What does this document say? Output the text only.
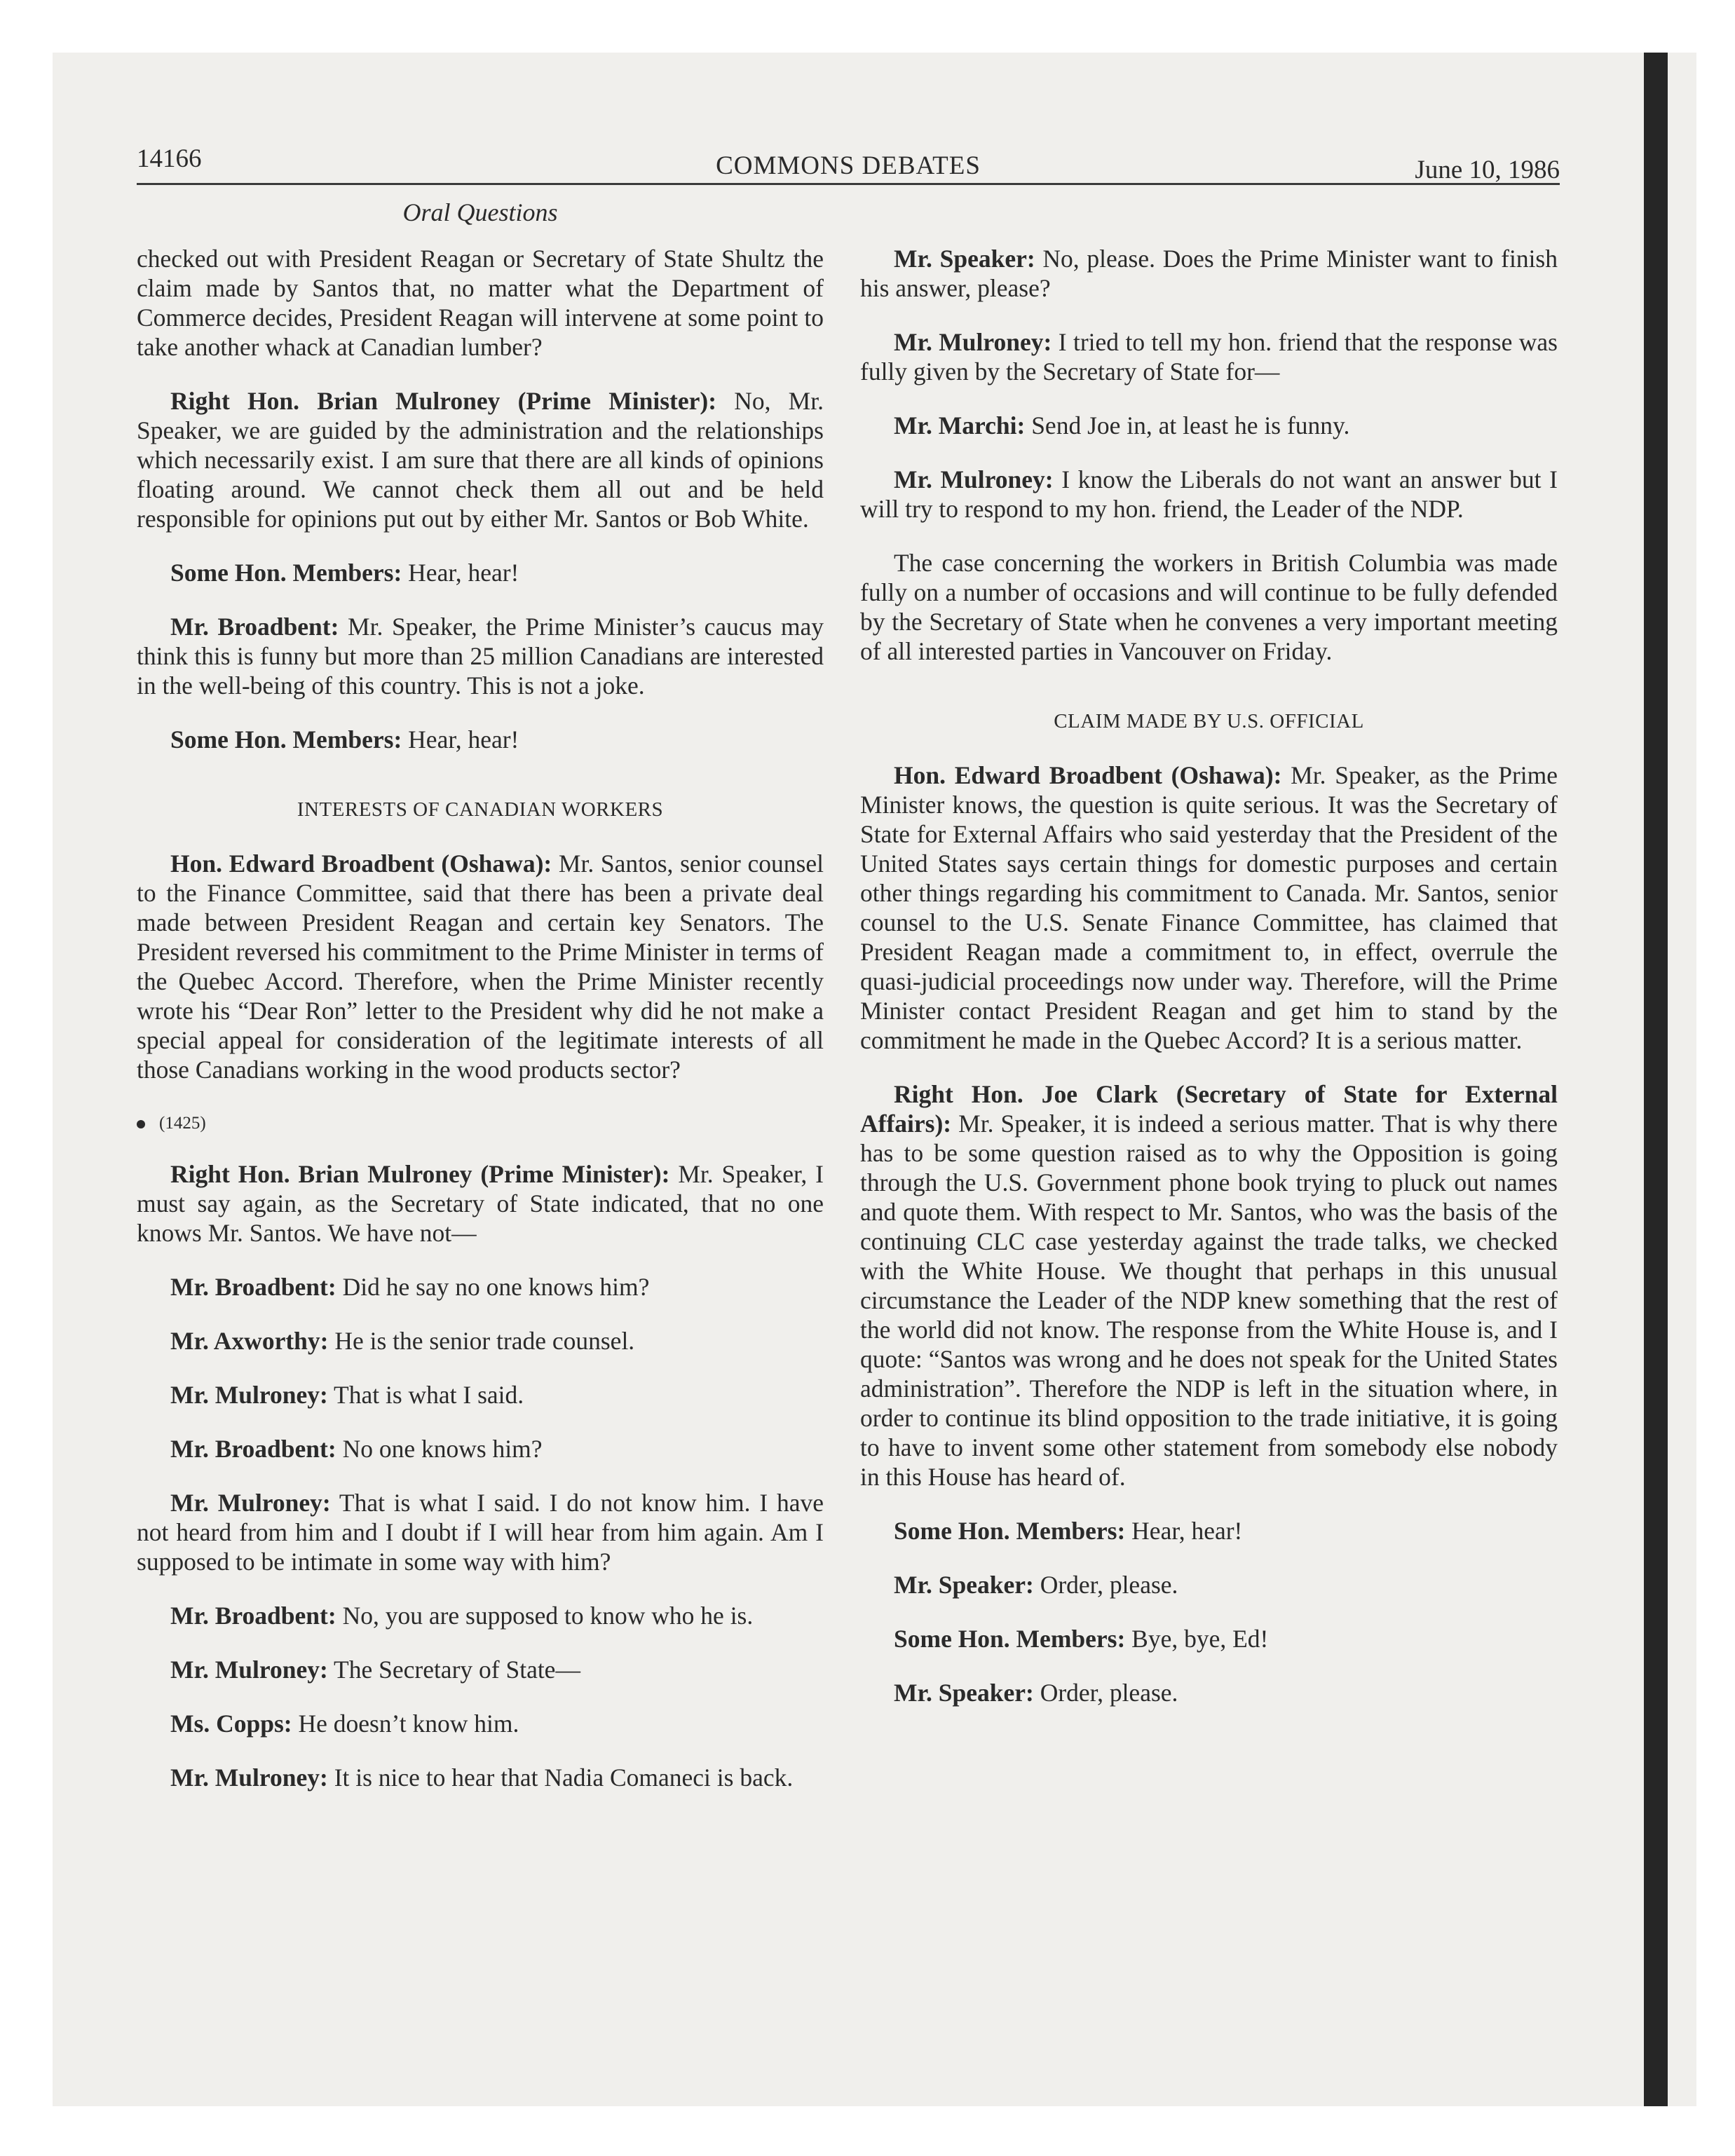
14166	COMMONS DEBATES	June 10, 1986
Oral Questions

checked out with President Reagan or Secretary of State Shultz the claim made by Santos that, no matter what the Department of Commerce decides, President Reagan will intervene at some point to take another whack at Canadian lumber?

Right Hon. Brian Mulroney (Prime Minister): No, Mr. Speaker, we are guided by the administration and the relationships which necessarily exist. I am sure that there are all kinds of opinions floating around. We cannot check them all out and be held responsible for opinions put out by either Mr. Santos or Bob White.

Some Hon. Members: Hear, hear!

Mr. Broadbent: Mr. Speaker, the Prime Minister’s caucus may think this is funny but more than 25 million Canadians are interested in the well-being of this country. This is not a joke.

Some Hon. Members: Hear, hear!

INTERESTS OF CANADIAN WORKERS

Hon. Edward Broadbent (Oshawa): Mr. Santos, senior counsel to the Finance Committee, said that there has been a private deal made between President Reagan and certain key Senators. The President reversed his commitment to the Prime Minister in terms of the Quebec Accord. Therefore, when the Prime Minister recently wrote his “Dear Ron” letter to the President why did he not make a special appeal for consideration of the legitimate interests of all those Canadians working in the wood products sector?

(1425)

Right Hon. Brian Mulroney (Prime Minister): Mr. Speaker, I must say again, as the Secretary of State indicated, that no one knows Mr. Santos. We have not—

Mr. Broadbent: Did he say no one knows him?

Mr. Axworthy: He is the senior trade counsel.

Mr. Mulroney: That is what I said.

Mr. Broadbent: No one knows him?

Mr. Mulroney: That is what I said. I do not know him. I have not heard from him and I doubt if I will hear from him again. Am I supposed to be intimate in some way with him?

Mr. Broadbent: No, you are supposed to know who he is.

Mr. Mulroney: The Secretary of State—

Ms. Copps: He doesn’t know him.

Mr. Mulroney: It is nice to hear that Nadia Comaneci is back.

Mr. Speaker: No, please. Does the Prime Minister want to finish his answer, please?

Mr. Mulroney: I tried to tell my hon. friend that the response was fully given by the Secretary of State for—

Mr. Marchi: Send Joe in, at least he is funny.

Mr. Mulroney: I know the Liberals do not want an answer but I will try to respond to my hon. friend, the Leader of the NDP.

The case concerning the workers in British Columbia was made fully on a number of occasions and will continue to be fully defended by the Secretary of State when he convenes a very important meeting of all interested parties in Vancouver on Friday.

CLAIM MADE BY U.S. OFFICIAL

Hon. Edward Broadbent (Oshawa): Mr. Speaker, as the Prime Minister knows, the question is quite serious. It was the Secretary of State for External Affairs who said yesterday that the President of the United States says certain things for domestic purposes and certain other things regarding his commitment to Canada. Mr. Santos, senior counsel to the U.S. Senate Finance Committee, has claimed that President Reagan made a commitment to, in effect, overrule the quasi-judicial proceedings now under way. Therefore, will the Prime Minister contact President Reagan and get him to stand by the commitment he made in the Quebec Accord? It is a serious matter.

Right Hon. Joe Clark (Secretary of State for External Affairs): Mr. Speaker, it is indeed a serious matter. That is why there has to be some question raised as to why the Opposition is going through the U.S. Government phone book trying to pluck out names and quote them. With respect to Mr. Santos, who was the basis of the continuing CLC case yesterday against the trade talks, we checked with the White House. We thought that perhaps in this unusual circumstance the Leader of the NDP knew something that the rest of the world did not know. The response from the White House is, and I quote: “Santos was wrong and he does not speak for the United States administration”. Therefore the NDP is left in the situation where, in order to continue its blind opposition to the trade initiative, it is going to have to invent some other statement from somebody else nobody in this House has heard of.

Some Hon. Members: Hear, hear!

Mr. Speaker: Order, please.

Some Hon. Members: Bye, bye, Ed!

Mr. Speaker: Order, please.
